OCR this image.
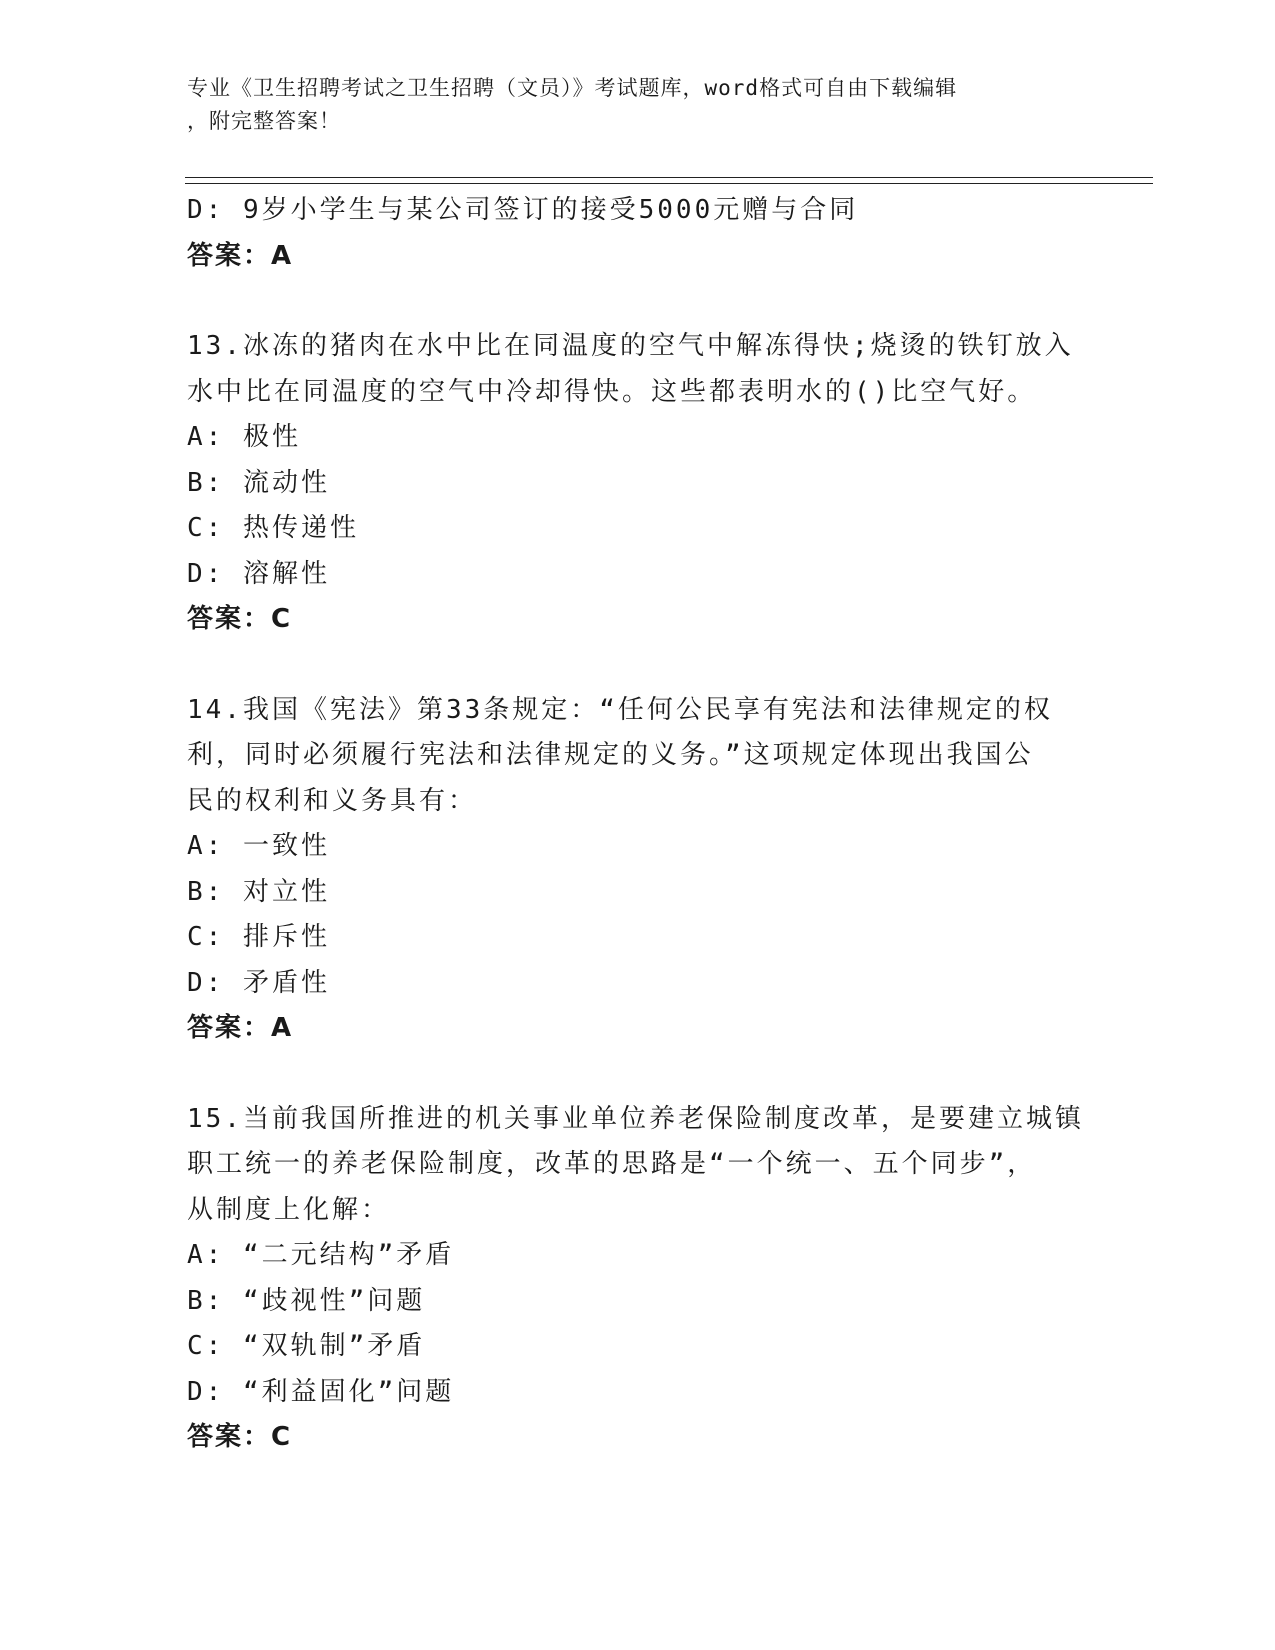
专业《卫生招聘考试之卫生招聘（文员）》考试题库，word格式可自由下载编辑
，附完整答案！
D: 9岁小学生与某公司签订的接受5000元赠与合同
答案：A
13.冰冻的猪肉在水中比在同温度的空气中解冻得快;烧烫的铁钉放入
水中比在同温度的空气中冷却得快。这些都表明水的()比空气好。
A: 极性
B: 流动性
C: 热传递性
D: 溶解性
答案：C
14.我国《宪法》第33条规定：“任何公民享有宪法和法律规定的权
利，同时必须履行宪法和法律规定的义务。”这项规定体现出我国公
民的权利和义务具有：
A: 一致性
B: 对立性
C: 排斥性
D: 矛盾性
答案：A
15.当前我国所推进的机关事业单位养老保险制度改革，是要建立城镇
职工统一的养老保险制度，改革的思路是“一个统一、五个同步”，
从制度上化解：
A: “二元结构”矛盾
B: “歧视性”问题
C: “双轨制”矛盾
D: “利益固化”问题
答案：C
